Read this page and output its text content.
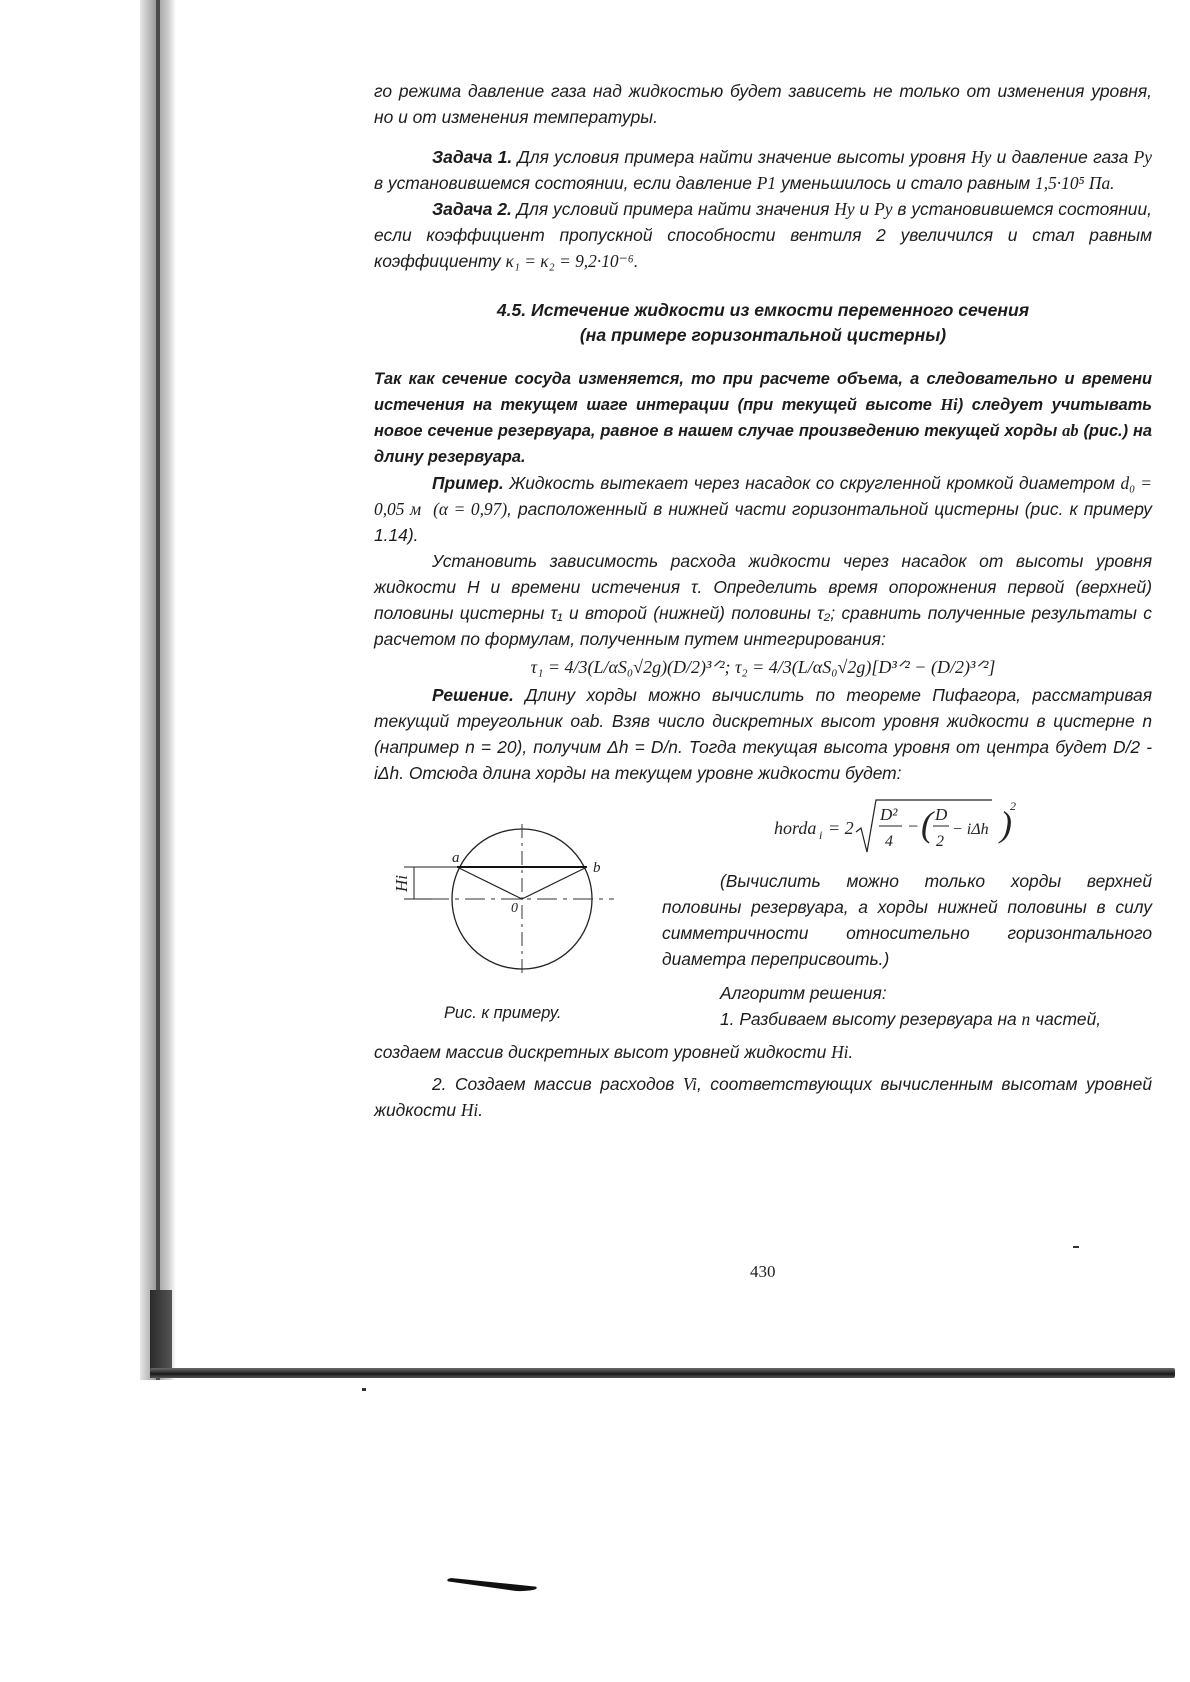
го режима давление газа над жидкостью будет зависеть не только от изменения уровня, но и от изменения температуры.

Задача 1. Для условия примера найти значение высоты уровня Hy и давление газа Py в установившемся состоянии, если давление P1 уменьшилось и стало равным 1,5·10⁵ Па.

Задача 2. Для условий примера найти значения Hy и Py в установившемся состоянии, если коэффициент пропускной способности вентиля 2 увеличился и стал равным коэффициенту κ₁ = κ₂ = 9,2·10⁻⁶.

4.5. Истечение жидкости из емкости переменного сечения
(на примере горизонтальной цистерны)

Так как сечение сосуда изменяется, то при расчете объема, а следовательно и времени истечения на текущем шаге интерации (при текущей высоте Hi) следует учитывать новое сечение резервуара, равное в нашем случае произведению текущей хорды ab (рис.) на длину резервуара.

Пример. Жидкость вытекает через насадок со скругленной кромкой диаметром d₀ = 0,05 м (α = 0,97), расположенный в нижней части горизонтальной цистерны (рис. к примеру 1.14).

Установить зависимость расхода жидкости через насадок от высоты уровня жидкости H и времени истечения τ. Определить время опорожнения первой (верхней) половины цистерны τ₁ и второй (нижней) половины τ₂; сравнить полученные результаты с расчетом по формулам, полученным путем интегрирования:

τ₁ = 4/3(L/αS₀√2g)(D/2)³ᐟ²; τ₂ = 4/3(L/αS₀√2g)[D³ᐟ² − (D/2)³ᐟ²]

Решение. Длину хорды можно вычислить по теореме Пифагора, рассматривая текущий треугольник oab. Взяв число дискретных высот уровня жидкости в цистерне n (например n = 20), получим Δh = D/n. Тогда текущая высота уровня от центра будет D/2 - iΔh. Отсюда длина хорды на текущем уровне жидкости будет:

a
b
0
Hi
Рис. к примеру.
horda i = 2
D²
4
− ( D
2
− iΔh )
2

(Вычислить можно только хорды верхней половины резервуара, а хорды нижней половины в силу симметричности относительно горизонтального диаметра переприсвоить.)

Алгоритм решения:

1. Разбиваем высоту резервуара на n частей,

создаем массив дискретных высот уровней жидкости Hi.

2. Создаем массив расходов Vi, соответствующих вычисленным высотам уровней жидкости Hi.

430
